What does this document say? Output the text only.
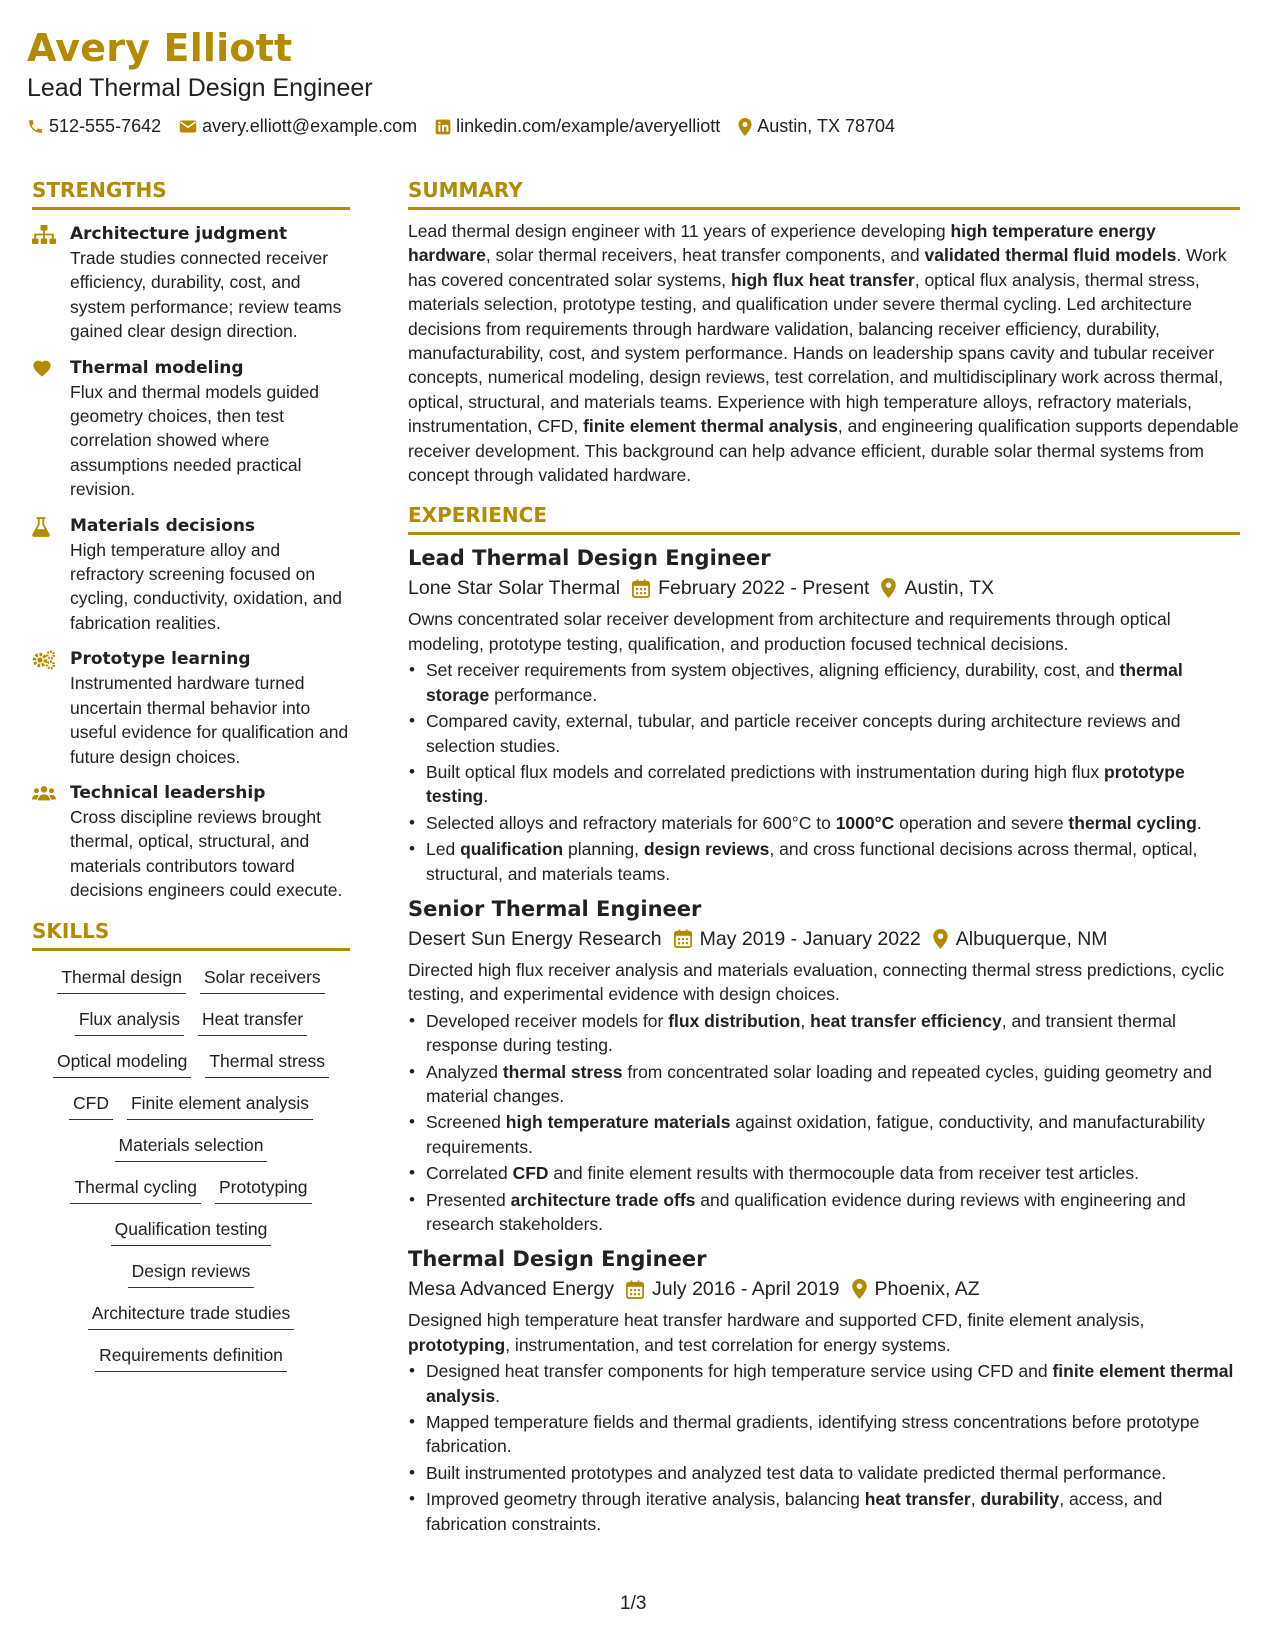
Avery Elliott
Lead Thermal Design Engineer
512-555-7642 avery.elliott@example.com linkedin.com/example/averyelliott Austin, TX 78704
STRENGTHS
Architecture judgment
Trade studies connected receiver efficiency, durability, cost, and system performance; review teams gained clear design direction.
Thermal modeling
Flux and thermal models guided geometry choices, then test correlation showed where assumptions needed practical revision.
Materials decisions
High temperature alloy and refractory screening focused on cycling, conductivity, oxidation, and fabrication realities.
Prototype learning
Instrumented hardware turned uncertain thermal behavior into useful evidence for qualification and future design choices.
Technical leadership
Cross discipline reviews brought thermal, optical, structural, and materials contributors toward decisions engineers could execute.
SKILLS
Thermal design Solar receivers
Flux analysis Heat transfer
Optical modeling Thermal stress
CFD Finite element analysis
Materials selection
Thermal cycling Prototyping
Qualification testing
Design reviews
Architecture trade studies
Requirements definition
SUMMARY
Lead thermal design engineer with 11 years of experience developing high temperature energy hardware, solar thermal receivers, heat transfer components, and validated thermal fluid models. Work has covered concentrated solar systems, high flux heat transfer, optical flux analysis, thermal stress, materials selection, prototype testing, and qualification under severe thermal cycling. Led architecture decisions from requirements through hardware validation, balancing receiver efficiency, durability, manufacturability, cost, and system performance. Hands on leadership spans cavity and tubular receiver concepts, numerical modeling, design reviews, test correlation, and multidisciplinary work across thermal, optical, structural, and materials teams. Experience with high temperature alloys, refractory materials, instrumentation, CFD, finite element thermal analysis, and engineering qualification supports dependable receiver development. This background can help advance efficient, durable solar thermal systems from concept through validated hardware.
EXPERIENCE
Lead Thermal Design Engineer
Lone Star Solar Thermal February 2022 - Present Austin, TX
Owns concentrated solar receiver development from architecture and requirements through optical modeling, prototype testing, qualification, and production focused technical decisions.
• Set receiver requirements from system objectives, aligning efficiency, durability, cost, and thermal storage performance.
• Compared cavity, external, tubular, and particle receiver concepts during architecture reviews and selection studies.
• Built optical flux models and correlated predictions with instrumentation during high flux prototype testing.
• Selected alloys and refractory materials for 600°C to 1000°C operation and severe thermal cycling.
• Led qualification planning, design reviews, and cross functional decisions across thermal, optical, structural, and materials teams.
Senior Thermal Engineer
Desert Sun Energy Research May 2019 - January 2022 Albuquerque, NM
Directed high flux receiver analysis and materials evaluation, connecting thermal stress predictions, cyclic testing, and experimental evidence with design choices.
• Developed receiver models for flux distribution, heat transfer efficiency, and transient thermal response during testing.
• Analyzed thermal stress from concentrated solar loading and repeated cycles, guiding geometry and material changes.
• Screened high temperature materials against oxidation, fatigue, conductivity, and manufacturability requirements.
• Correlated CFD and finite element results with thermocouple data from receiver test articles.
• Presented architecture trade offs and qualification evidence during reviews with engineering and research stakeholders.
Thermal Design Engineer
Mesa Advanced Energy July 2016 - April 2019 Phoenix, AZ
Designed high temperature heat transfer hardware and supported CFD, finite element analysis, prototyping, instrumentation, and test correlation for energy systems.
• Designed heat transfer components for high temperature service using CFD and finite element thermal analysis.
• Mapped temperature fields and thermal gradients, identifying stress concentrations before prototype fabrication.
• Built instrumented prototypes and analyzed test data to validate predicted thermal performance.
• Improved geometry through iterative analysis, balancing heat transfer, durability, access, and fabrication constraints.
1/3
